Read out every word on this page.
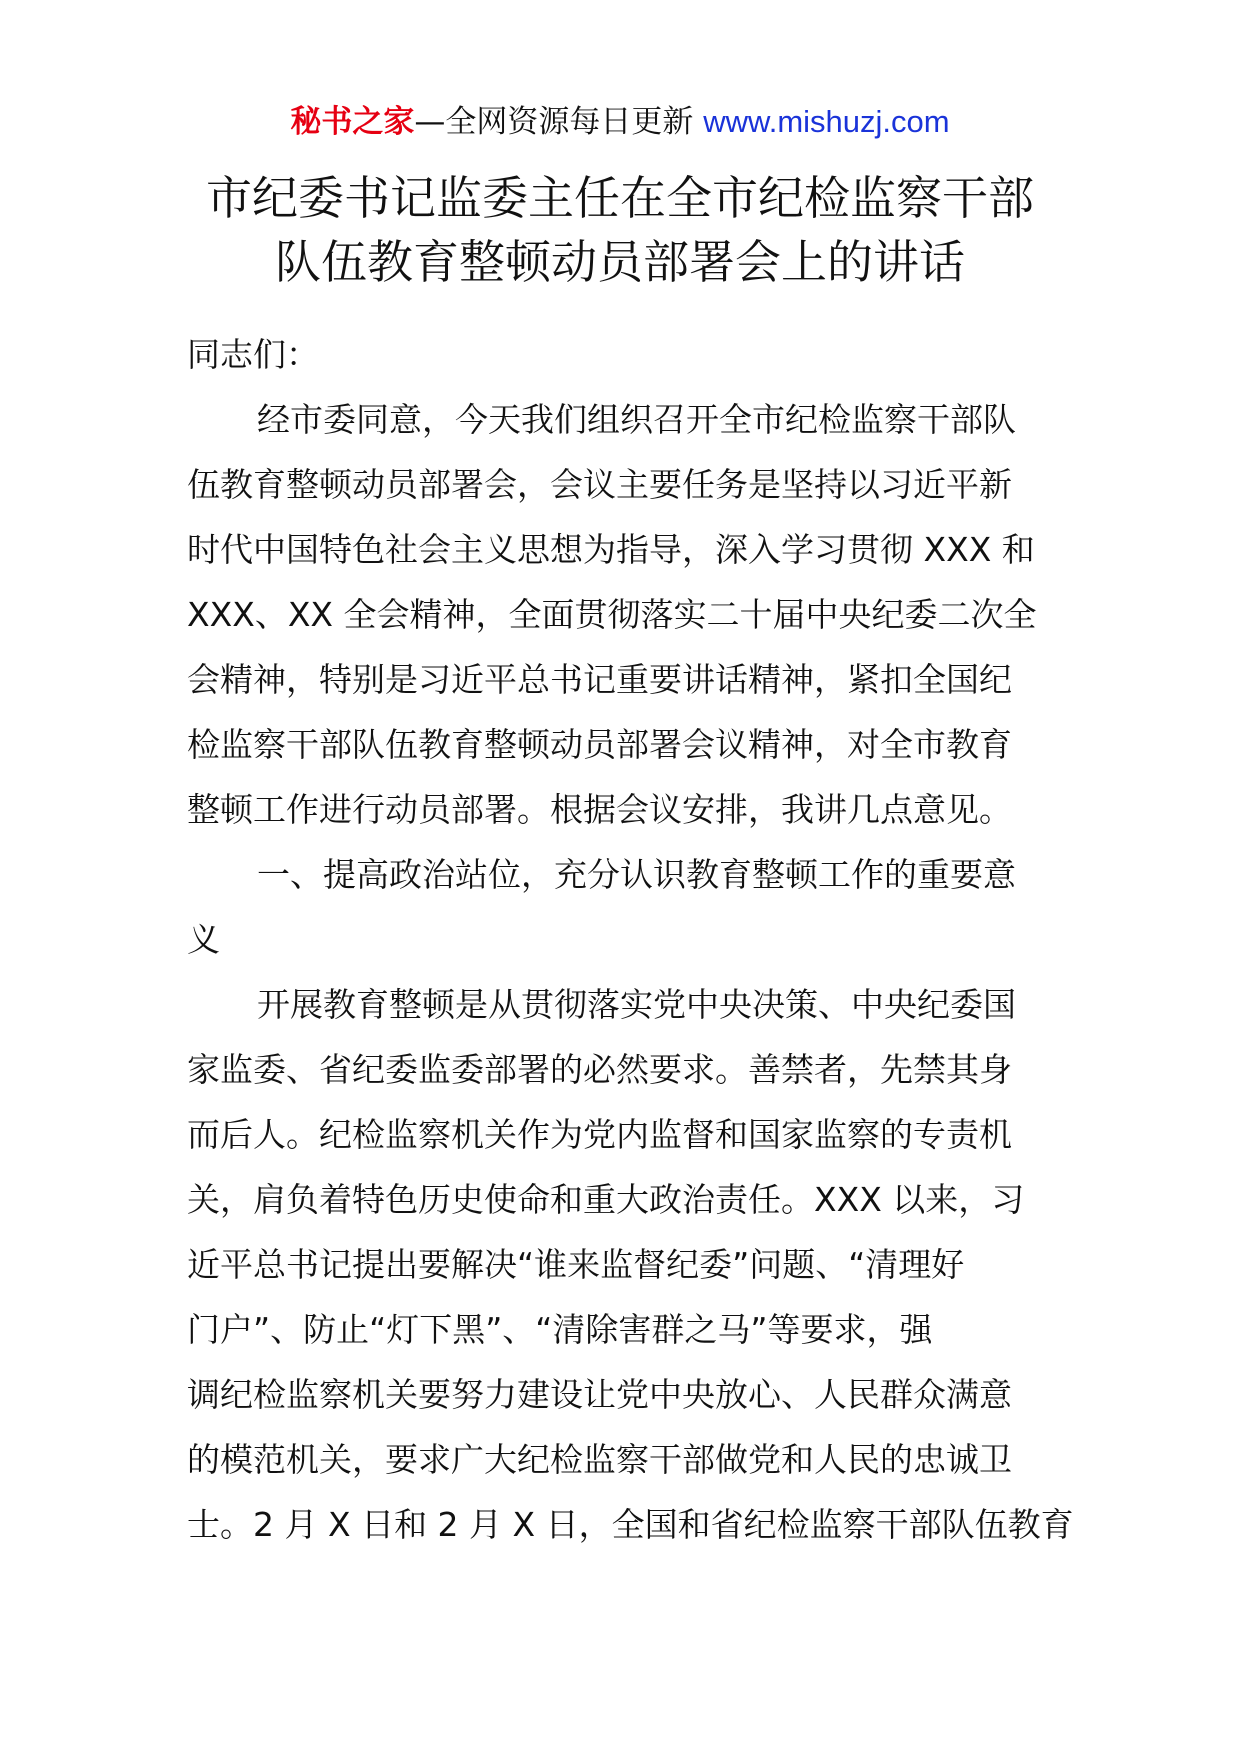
秘书之家—全网资源每日更新 www.mishuzj.com
市纪委书记监委主任在全市纪检监察干部
队伍教育整顿动员部署会上的讲话
同志们：
经市委同意，今天我们组织召开全市纪检监察干部队
伍教育整顿动员部署会，会议主要任务是坚持以习近平新
时代中国特色社会主义思想为指导，深入学习贯彻 XXX 和
XXX、XX 全会精神，全面贯彻落实二十届中央纪委二次全
会精神，特别是习近平总书记重要讲话精神，紧扣全国纪
检监察干部队伍教育整顿动员部署会议精神，对全市教育
整顿工作进行动员部署。根据会议安排，我讲几点意见。
一、提高政治站位，充分认识教育整顿工作的重要意
义
开展教育整顿是从贯彻落实党中央决策、中央纪委国
家监委、省纪委监委部署的必然要求。善禁者，先禁其身
而后人。纪检监察机关作为党内监督和国家监察的专责机
关，肩负着特色历史使命和重大政治责任。XXX 以来，习
近平总书记提出要解决“谁来监督纪委”问题、“清理好
门户”、防止“灯下黑”、“清除害群之马”等要求，强
调纪检监察机关要努力建设让党中央放心、人民群众满意
的模范机关，要求广大纪检监察干部做党和人民的忠诚卫
士。2 月 X 日和 2 月 X 日，全国和省纪检监察干部队伍教育
